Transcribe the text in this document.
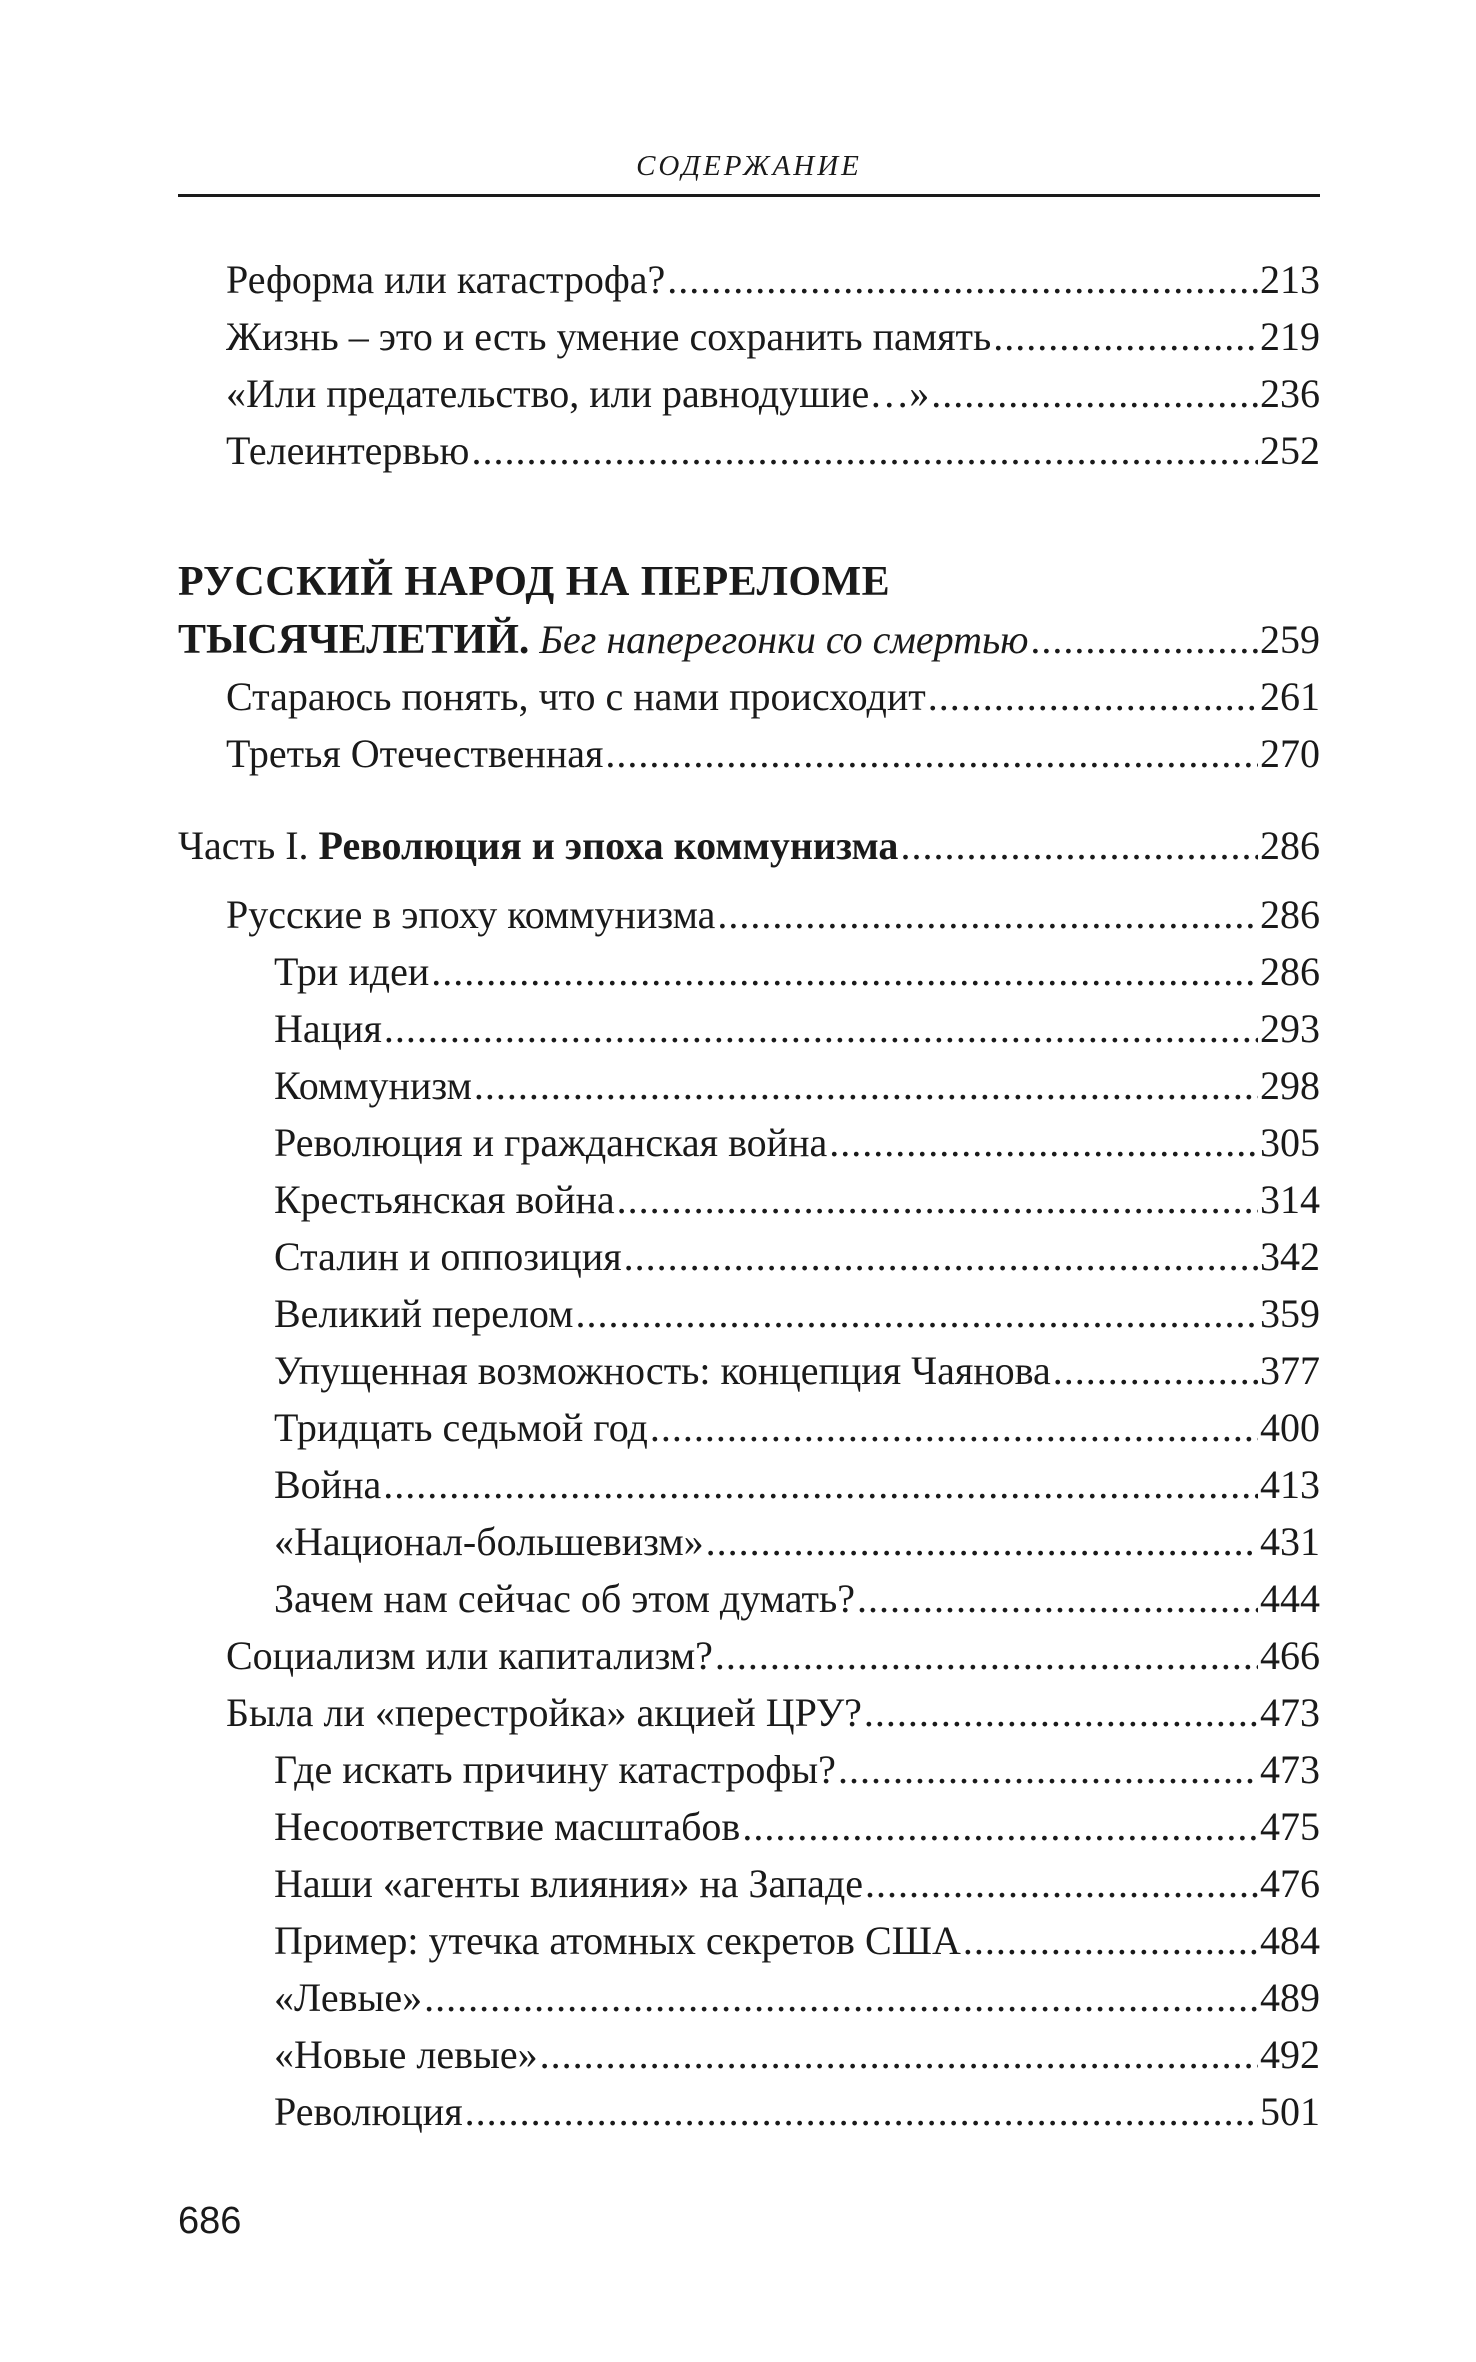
СОДЕРЖАНИЕ
Реформа или катастрофа? .....	213
Жизнь – это и есть умение сохранить память .....	219
«Или предательство, или равнодушие…» .....	236
Телеинтервью .....	252
РУССКИЙ НАРОД НА ПЕРЕЛОМЕ
ТЫСЯЧЕЛЕТИЙ. Бег наперегонки со смертью .....	259
Стараюсь понять, что с нами происходит .....	261
Третья Отечественная .....	270
Часть I. Революция и эпоха коммунизма .....	286
Русские в эпоху коммунизма .....	286
Три идеи .....	286
Нация .....	293
Коммунизм .....	298
Революция и гражданская война .....	305
Крестьянская война .....	314
Сталин и оппозиция .....	342
Великий перелом .....	359
Упущенная возможность: концепция Чаянова .....	377
Тридцать седьмой год .....	400
Война .....	413
«Национал-большевизм» .....	431
Зачем нам сейчас об этом думать? .....	444
Социализм или капитализм? .....	466
Была ли «перестройка» акцией ЦРУ? .....	473
Где искать причину катастрофы? .....	473
Несоответствие масштабов .....	475
Наши «агенты влияния» на Западе .....	476
Пример: утечка атомных секретов США .....	484
«Левые» .....	489
«Новые левые» .....	492
Революция .....	501
686
